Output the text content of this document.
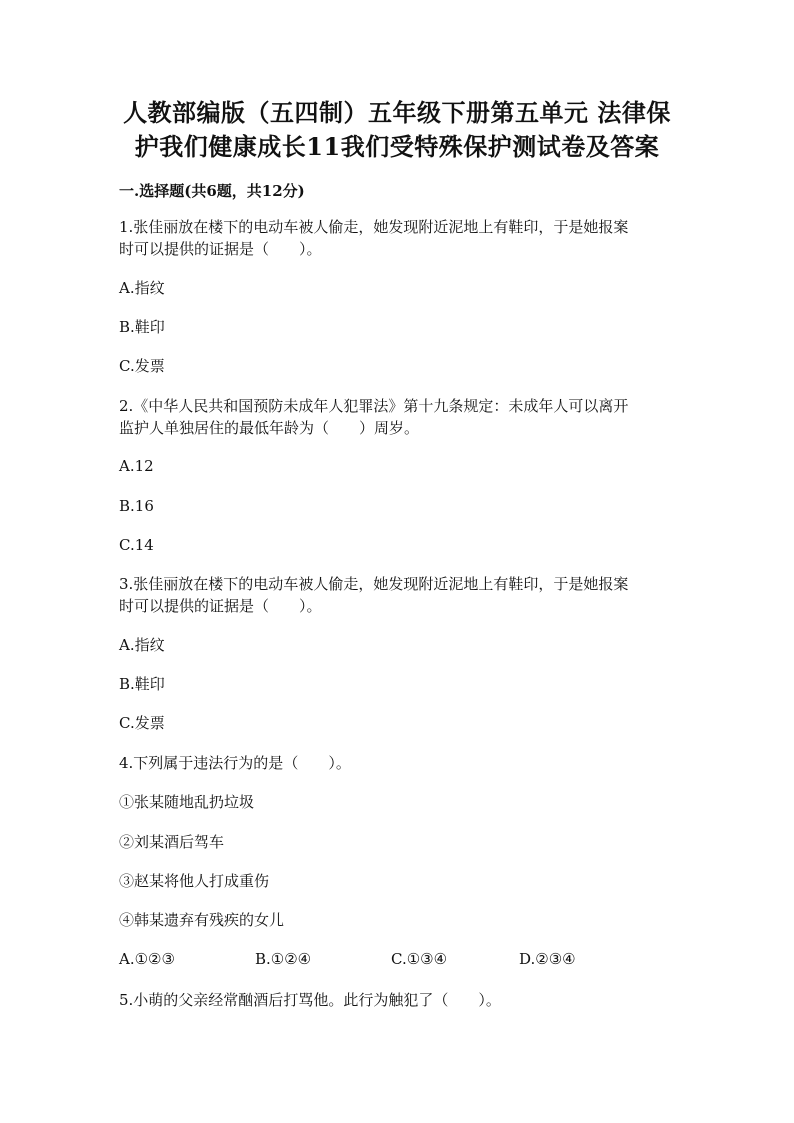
人教部编版（五四制）五年级下册第五单元 法律保
护我们健康成长11我们受特殊保护测试卷及答案
一.选择题(共6题，共12分)
1.张佳丽放在楼下的电动车被人偷走，她发现附近泥地上有鞋印，于是她报案
时可以提供的证据是（　　）。
A.指纹
B.鞋印
C.发票
2.《中华人民共和国预防未成年人犯罪法》第十九条规定：未成年人可以离开
监护人单独居住的最低年龄为（　　）周岁。
A.12
B.16
C.14
3.张佳丽放在楼下的电动车被人偷走，她发现附近泥地上有鞋印，于是她报案
时可以提供的证据是（　　）。
A.指纹
B.鞋印
C.发票
4.下列属于违法行为的是（　　）。
①张某随地乱扔垃圾
②刘某酒后驾车
③赵某将他人打成重伤
④韩某遗弃有残疾的女儿
A.①②③	B.①②④	C.①③④	D.②③④
5.小萌的父亲经常酗酒后打骂他。此行为触犯了（　　）。
